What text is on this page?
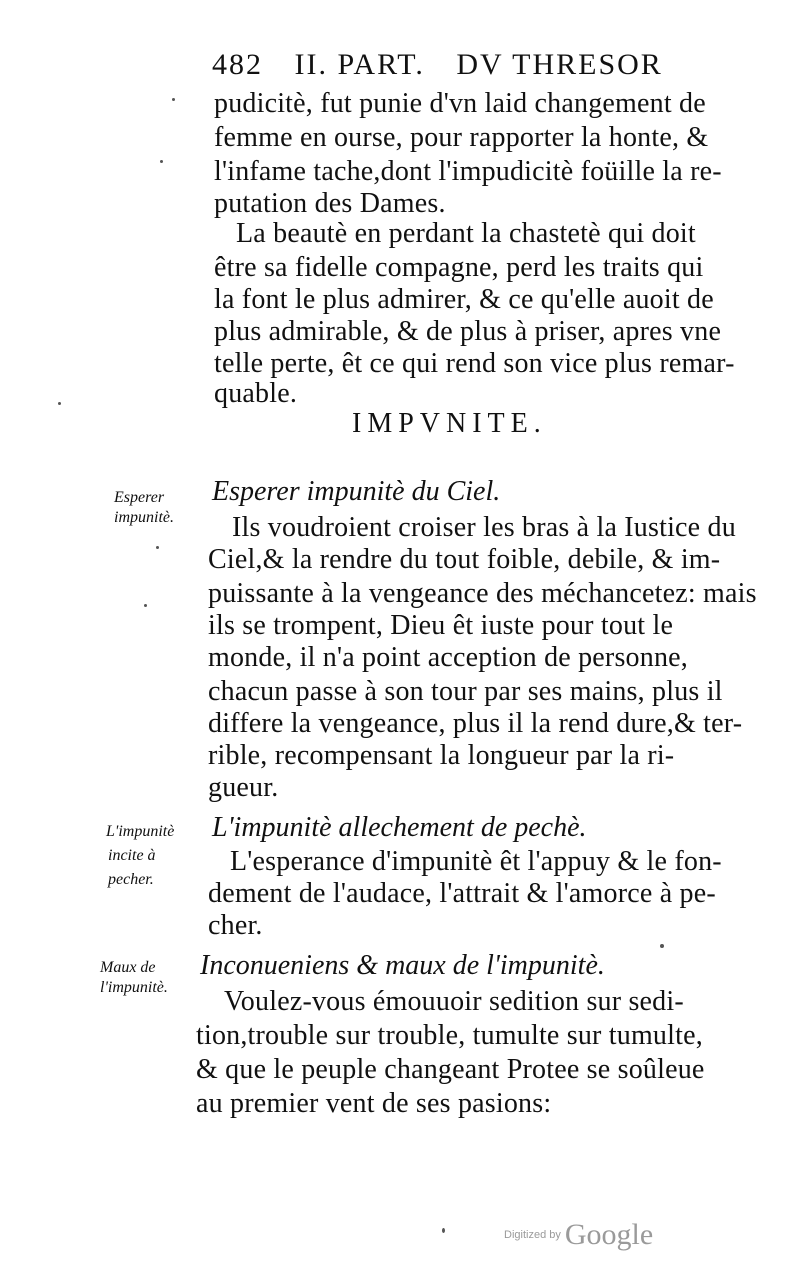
482 II. PART. DV THRESOR
pudicitè, fut punie d'vn laid changement de
femme en ourse, pour rapporter la honte, &
l'infame tache,dont l'impudicitè foüille la re-
putation des Dames.
La beautè en perdant la chastetè qui doit
être sa fidelle compagne, perd les traits qui
la font le plus admirer, & ce qu'elle auoit de
plus admirable, & de plus à priser, apres vne
telle perte, êt ce qui rend son vice plus remar-
quable.
IMPVNITE.
Esperer
impunitè.
Esperer impunitè du Ciel.
Ils voudroient croiser les bras à la Iustice du
Ciel,& la rendre du tout foible, debile, & im-
puissante à la vengeance des méchancetez: mais
ils se trompent, Dieu êt iuste pour tout le
monde, il n'a point acception de personne,
chacun passe à son tour par ses mains, plus il
differe la vengeance, plus il la rend dure,& ter-
rible, recompensant la longueur par la ri-
gueur.
L'impunitè
incite à
pecher.
L'impunitè allechement de pechè.
L'esperance d'impunitè êt l'appuy & le fon-
dement de l'audace, l'attrait & l'amorce à pe-
cher.
Maux de
l'impunitè.
Inconueniens & maux de l'impunitè.
Voulez-vous émouuoir sedition sur sedi-
tion,trouble sur trouble, tumulte sur tumulte,
& que le peuple changeant Protee se soûleue
au premier vent de ses pasions:
Digitized by Google
